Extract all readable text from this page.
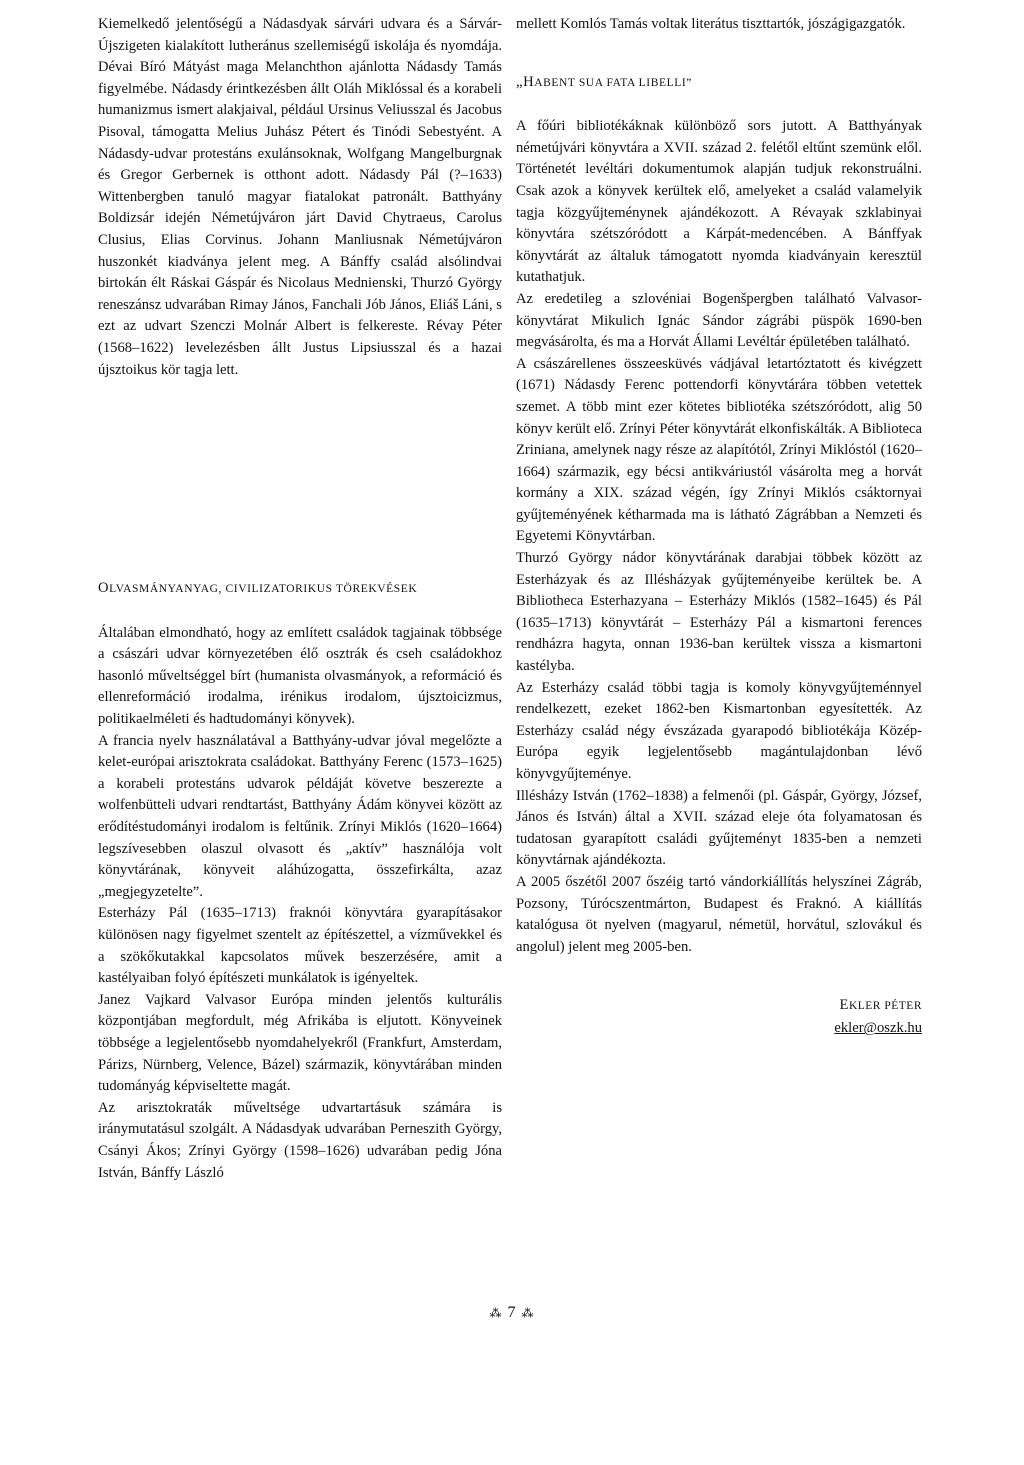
Kiemelkedő jelentőségű a Nádasdyak sárvári udvara és a Sárvár-Újszigeten kialakított lutheránus szellemiségű iskolája és nyomdája. Dévai Bíró Mátyást maga Melanchthon ajánlotta Nádasdy Tamás figyelmébe. Nádasdy érintkezésben állt Oláh Miklóssal és a korabeli humanizmus ismert alakjaival, például Ursinus Veliusszal és Jacobus Pisoval, támogatta Melius Juhász Pétert és Tinódi Sebestyént. A Nádasdy-udvar protestáns exulánsoknak, Wolfgang Mangelburgnak és Gregor Gerbernek is otthont adott. Nádasdy Pál (?–1633) Wittenbergben tanuló magyar fiatalokat patronált. Batthyány Boldizsár idején Németújváron járt David Chytraeus, Carolus Clusius, Elias Corvinus. Johann Manliusnak Németújváron huszonkét kiadványa jelent meg. A Bánffy család alsólindvai birtokán élt Ráskai Gáspár és Nicolaus Mednienski, Thurzó György reneszánsz udvarában Rimay János, Fanchali Jób János, Eliáš Láni, s ezt az udvart Szenczi Molnár Albert is felkereste. Révay Péter (1568–1622) levelezésben állt Justus Lipsiusszal és a hazai újsztoikus kör tagja lett.

OLVASMÁNYANYAG, CIVILIZATORIKUS TÖREKVÉSEK

Általában elmondható, hogy az említett családok tagjainak többsége a császári udvar környezetében élő osztrák és cseh családokhoz hasonló műveltséggel bírt (humanista olvasmányok, a reformáció és ellenreformáció irodalma, irénikus irodalom, újsztoicizmus, politikaelméleti és hadtudományi könyvek).

A francia nyelv használatával a Batthyány-udvar jóval megelőzte a kelet-európai arisztokrata családokat. Batthyány Ferenc (1573–1625) a korabeli protestáns udvarok példáját követve beszerezte a wolfenbütteli udvari rendtartást, Batthyány Ádám könyvei között az erődítéstudományi irodalom is feltűnik. Zrínyi Miklós (1620–1664) legszívesebben olaszul olvasott és „aktív” használója volt könyvtárának, könyveit aláhúzogatta, összefirkálta, azaz „megjegyzetelte”.

Esterházy Pál (1635–1713) fraknói könyvtára gyarapításakor különösen nagy figyelmet szentelt az építészettel, a vízművekkel és a szökőkutakkal kapcsolatos művek beszerzésére, amit a kastélyaiban folyó építészeti munkálatok is igényeltek.

Janez Vajkard Valvasor Európa minden jelentős kulturális központjában megfordult, még Afrikába is eljutott. Könyveinek többsége a legjelentősebb nyomdahelyekről (Frankfurt, Amsterdam, Párizs, Nürnberg, Velence, Bázel) származik, könyvtárában minden tudományág képviseltette magát.

Az arisztokraták műveltsége udvartartásuk számára is iránymutatásul szolgált. A Nádasdyak udvarában Perneszith György, Csányi Ákos; Zrínyi György (1598–1626) udvarában pedig Jóna István, Bánffy László

mellett Komlós Tamás voltak literátus tiszttartók, jószágigazgatók.

„HABENT SUA FATA LIBELLI”

A főúri bibliotékáknak különböző sors jutott. A Batthyányak németújvári könyvtára a XVII. század 2. felétől eltűnt szemünk elől. Történetét levéltári dokumentumok alapján tudjuk rekonstruálni. Csak azok a könyvek kerültek elő, amelyeket a család valamelyik tagja közgyűjteménynek ajándékozott. A Révayak szklabinyai könyvtára szétszóródott a Kárpát-medencében. A Bánffyak könyvtárát az általuk támogatott nyomda kiadványain keresztül kutathatjuk.

Az eredetileg a szlovéniai Bogenšpergben található Valvasor-könyvtárat Mikulich Ignác Sándor zágrábi püspök 1690-ben megvásárolta, és ma a Horvát Állami Levéltár épületében található.

A császárellenes összeesküvés vádjával letartóztatott és kivégzett (1671) Nádasdy Ferenc pottendorfi könyvtárára többen vetettek szemet. A több mint ezer kötetes bibliotéka szétszóródott, alig 50 könyv került elő. Zrínyi Péter könyvtárát elkonfiskálták. A Biblioteca Zriniana, amelynek nagy része az alapítótól, Zrínyi Miklóstól (1620–1664) származik, egy bécsi antikváriustól vásárolta meg a horvát kormány a XIX. század végén, így Zrínyi Miklós csáktornyai gyűjteményének kétharmada ma is látható Zágrábban a Nemzeti és Egyetemi Könyvtárban.

Thurzó György nádor könyvtárának darabjai többek között az Esterházyak és az Illésházyak gyűjteményeibe kerültek be. A Bibliotheca Esterhazyana – Esterházy Miklós (1582–1645) és Pál (1635–1713) könyvtárát – Esterházy Pál a kismartoni ferences rendházra hagyta, onnan 1936-ban kerültek vissza a kismartoni kastélyba.

Az Esterházy család többi tagja is komoly könyvgyűjteménnyel rendelkezett, ezeket 1862-ben Kismartonban egyesítették. Az Esterházy család négy évszázada gyarapodó bibliotékája Közép-Európa egyik legjelentősebb magántulajdonban lévő könyvgyűjteménye.

Illésházy István (1762–1838) a felmenői (pl. Gáspár, György, József, János és István) által a XVII. század eleje óta folyamatosan és tudatosan gyarapított családi gyűjteményt 1835-ben a nemzeti könyvtárnak ajándékozta.

A 2005 őszétől 2007 őszéig tartó vándorkiállítás helyszínei Zágráb, Pozsony, Túrócszentmárton, Budapest és Fraknó. A kiállítás katalógusa öt nyelven (magyarul, németül, horvátul, szlovákul és angolul) jelent meg 2005-ben.

EKLER PÉTER

ekler@oszk.hu

⁂ 7 ⁂
